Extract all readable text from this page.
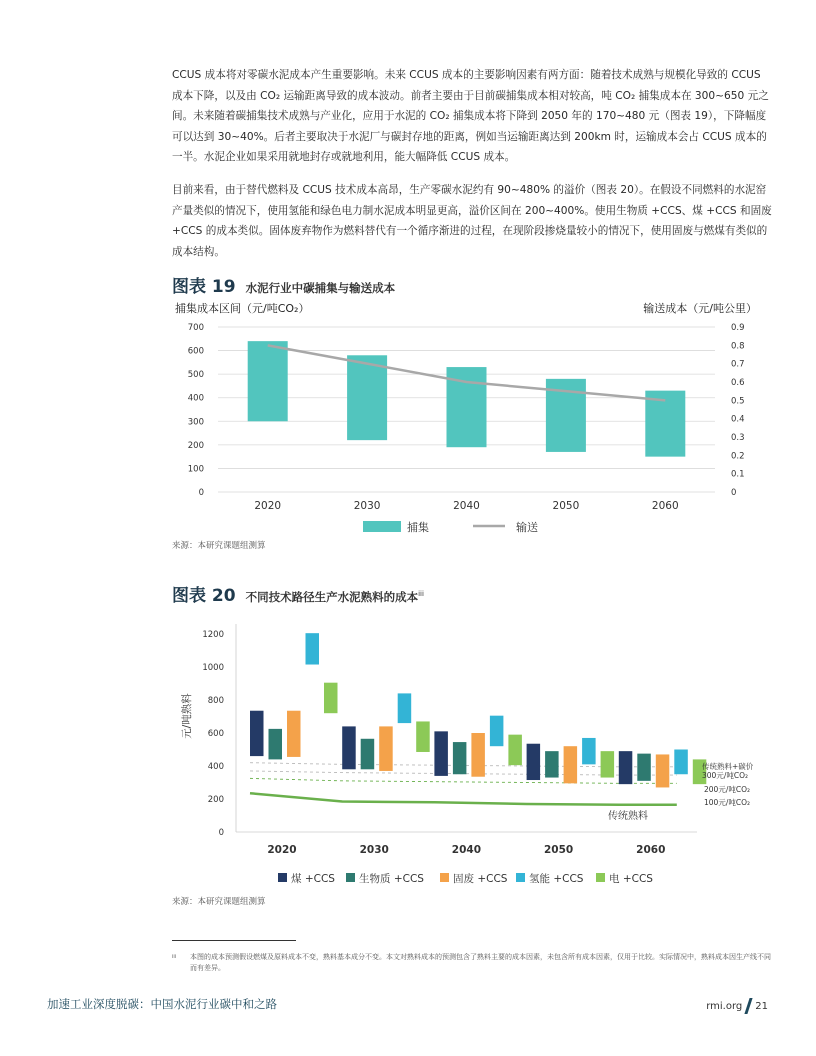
CCUS 成本将对零碳水泥成本产生重要影响。未来 CCUS 成本的主要影响因素有两方面：随着技术成熟与规模化导致的 CCUS 成本下降，以及由 CO₂ 运输距离导致的成本波动。前者主要由于目前碳捕集成本相对较高，吨 CO₂ 捕集成本在 300~650 元之间。未来随着碳捕集技术成熟与产业化，应用于水泥的 CO₂ 捕集成本将下降到 2050 年的 170~480 元（图表 19），下降幅度可以达到 30~40%。后者主要取决于水泥厂与碳封存地的距离，例如当运输距离达到 200km 时，运输成本会占 CCUS 成本的一半。水泥企业如果采用就地封存或就地利用，能大幅降低 CCUS 成本。
目前来看，由于替代燃料及 CCUS 技术成本高昂，生产零碳水泥约有 90~480% 的溢价（图表 20）。在假设不同燃料的水泥窑产量类似的情况下，使用氢能和绿色电力制水泥成本明显更高，溢价区间在 200~400%。使用生物质 +CCS、煤 +CCS 和固废 +CCS 的成本类似。固体废弃物作为燃料替代有一个循序渐进的过程，在现阶段掺烧量较小的情况下，使用固废与燃煤有类似的成本结构。
图表 19 水泥行业中碳捕集与输送成本
捕集成本区间（元/吨CO₂）	输送成本（元/吨公里）
0
100
200
300
400
500
600
700
0
0.1
0.2
0.3
0.4
0.5
0.6
0.7
0.8
0.9
2020	2030	2040	2050	2060
捕集	输送
元/吨熟料
0
200
400
600
800
1000
1200
2020	2030	2040	2050	2060
传统熟料+碳价
300元/吨CO₂
200元/吨CO₂
100元/吨CO₂
传统熟料
煤 +CCS 生物质 +CCS	固废 +CCS 氢能 +CCS 电 +CCS
来源：本研究课题组测算
图表 20 不同技术路径生产水泥熟料的成本$^{iii}$
来源：本研究课题组测算
iii 本图的成本预测假设燃煤及原料成本不变，熟料基本成分不变。本文对熟料成本的预测包含了熟料主要的成本因素，未包含所有成本因素，仅用于比较。实际情况中，熟料成本因生产线不同而有差异。
加速工业深度脱碳：中国水泥行业碳中和之路	rmi.org 21
